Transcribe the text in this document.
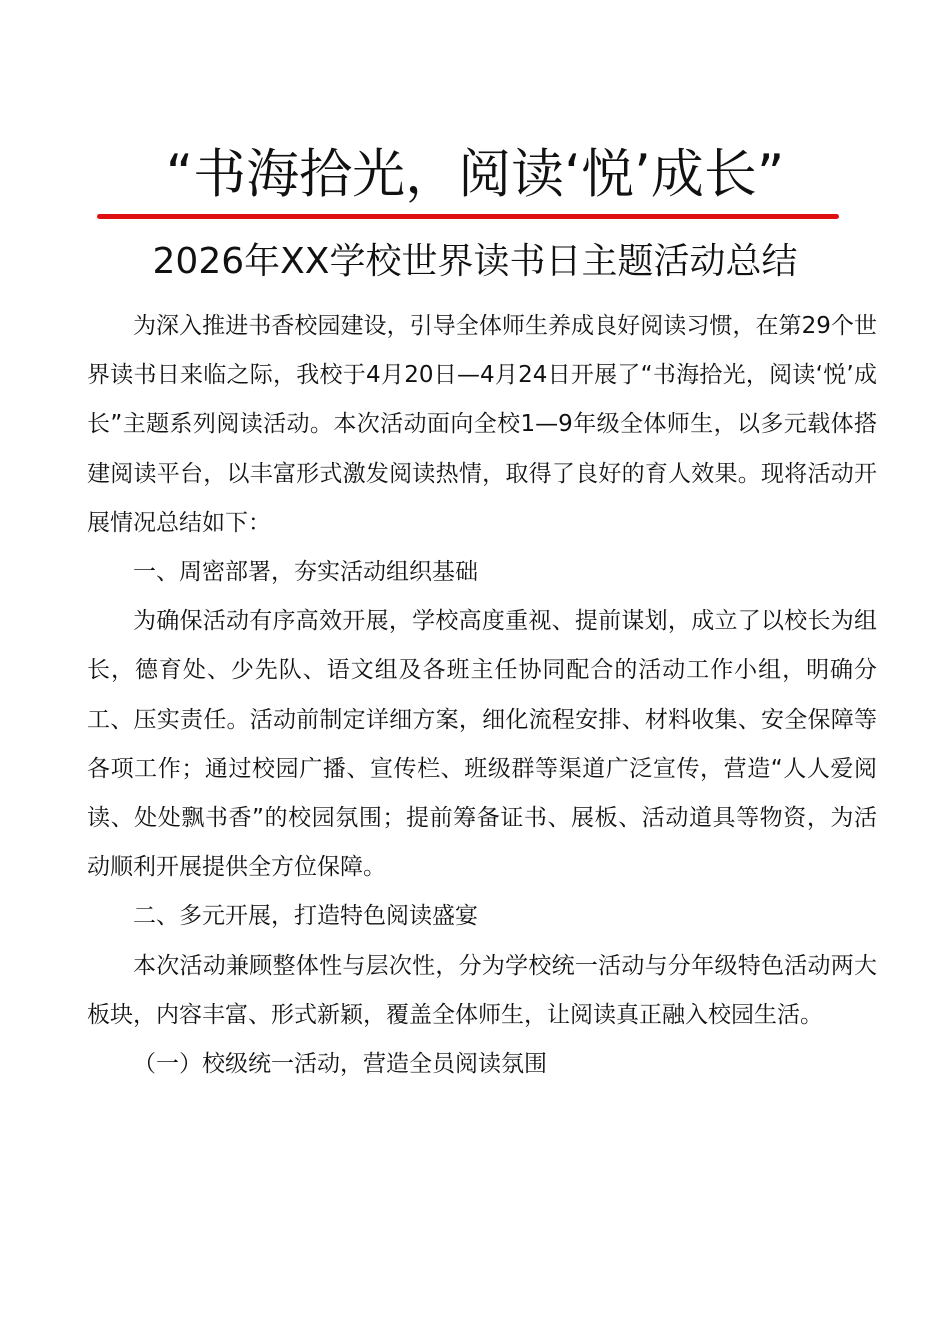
“书海拾光，阅读‘悦’成长”
2026年XX学校世界读书日主题活动总结

为深入推进书香校园建设，引导全体师生养成良好阅读习惯，在第29个世界读书日来临之际，我校于4月20日—4月24日开展了“书海拾光，阅读‘悦’成长”主题系列阅读活动。本次活动面向全校1—9年级全体师生，以多元载体搭建阅读平台，以丰富形式激发阅读热情，取得了良好的育人效果。现将活动开展情况总结如下：

一、周密部署，夯实活动组织基础

为确保活动有序高效开展，学校高度重视、提前谋划，成立了以校长为组长，德育处、少先队、语文组及各班主任协同配合的活动工作小组，明确分工、压实责任。活动前制定详细方案，细化流程安排、材料收集、安全保障等各项工作；通过校园广播、宣传栏、班级群等渠道广泛宣传，营造“人人爱阅读、处处飘书香”的校园氛围；提前筹备证书、展板、活动道具等物资，为活动顺利开展提供全方位保障。

二、多元开展，打造特色阅读盛宴

本次活动兼顾整体性与层次性，分为学校统一活动与分年级特色活动两大板块，内容丰富、形式新颖，覆盖全体师生，让阅读真正融入校园生活。

（一）校级统一活动，营造全员阅读氛围
